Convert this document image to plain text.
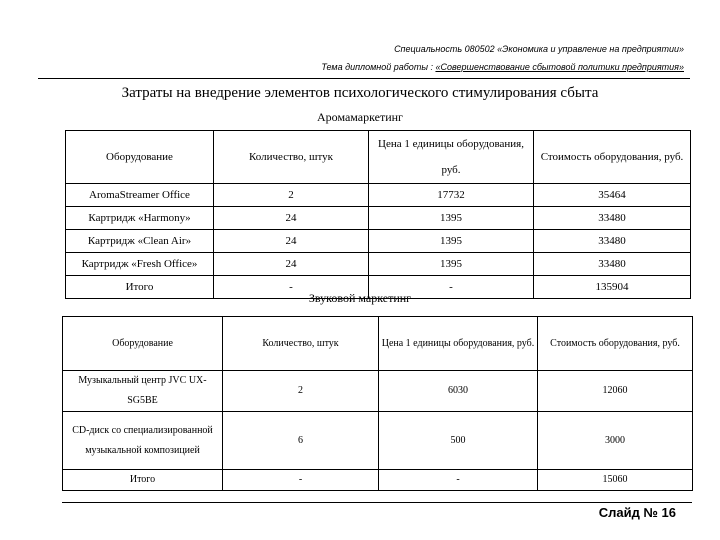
Специальность 080502 «Экономика и управление на предприятии»
Тема дипломной работы : «Совершенствование сбытовой политики предприятия»
Затраты на внедрение элементов психологического стимулирования сбыта
Аромамаркетинг
Оборудование	Количество, штук	Цена 1 единицы оборудования, руб.	Стоимость оборудования, руб.
AromaStreamer Office	2	17732	35464
Картридж «Harmony»	24	1395	33480
Картридж «Clean Air»	24	1395	33480
Картридж «Fresh Office»	24	1395	33480
Итого	-	-	135904
Звуковой маркетинг
Оборудование	Количество, штук	Цена 1 единицы оборудования, руб.	Стоимость оборудования, руб.
Музыкальный центр JVC UX-SG5BE	2	6030	12060
CD-диск со специализированной музыкальной композицией	6	500	3000
Итого	-	-	15060
Слайд № 16
